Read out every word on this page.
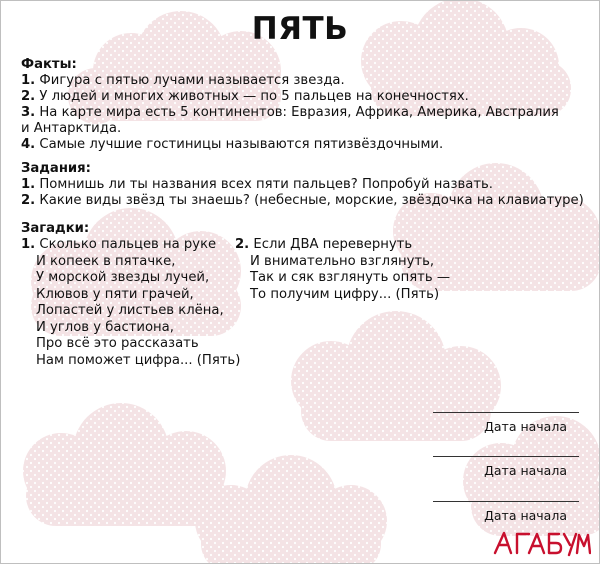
ПЯТЬ
Факты:
1. Фигура с пятью лучами называется звезда.
2. У людей и многих животных — по 5 пальцев на конечностях.
3. На карте мира есть 5 континентов: Евразия, Африка, Америка, Австралия и Антарктида.
4. Самые лучшие гостиницы называются пятизвёздочными.
Задания:
1. Помнишь ли ты названия всех пяти пальцев? Попробуй назвать.
2. Какие виды звёзд ты знаешь? (небесные, морские, звёздочка на клавиатуре)
Загадки:
1. Сколько пальцев на руке
И копеек в пятачке,
У морской звезды лучей,
Клювов у пяти грачей,
Лопастей у листьев клёна,
И углов у бастиона,
Про всё это рассказать
Нам поможет цифра... (Пять)
2. Если ДВА перевернуть
И внимательно взглянуть,
Так и сяк взглянуть опять —
То получим цифру... (Пять)
Дата начала
Дата начала
Дата начала
